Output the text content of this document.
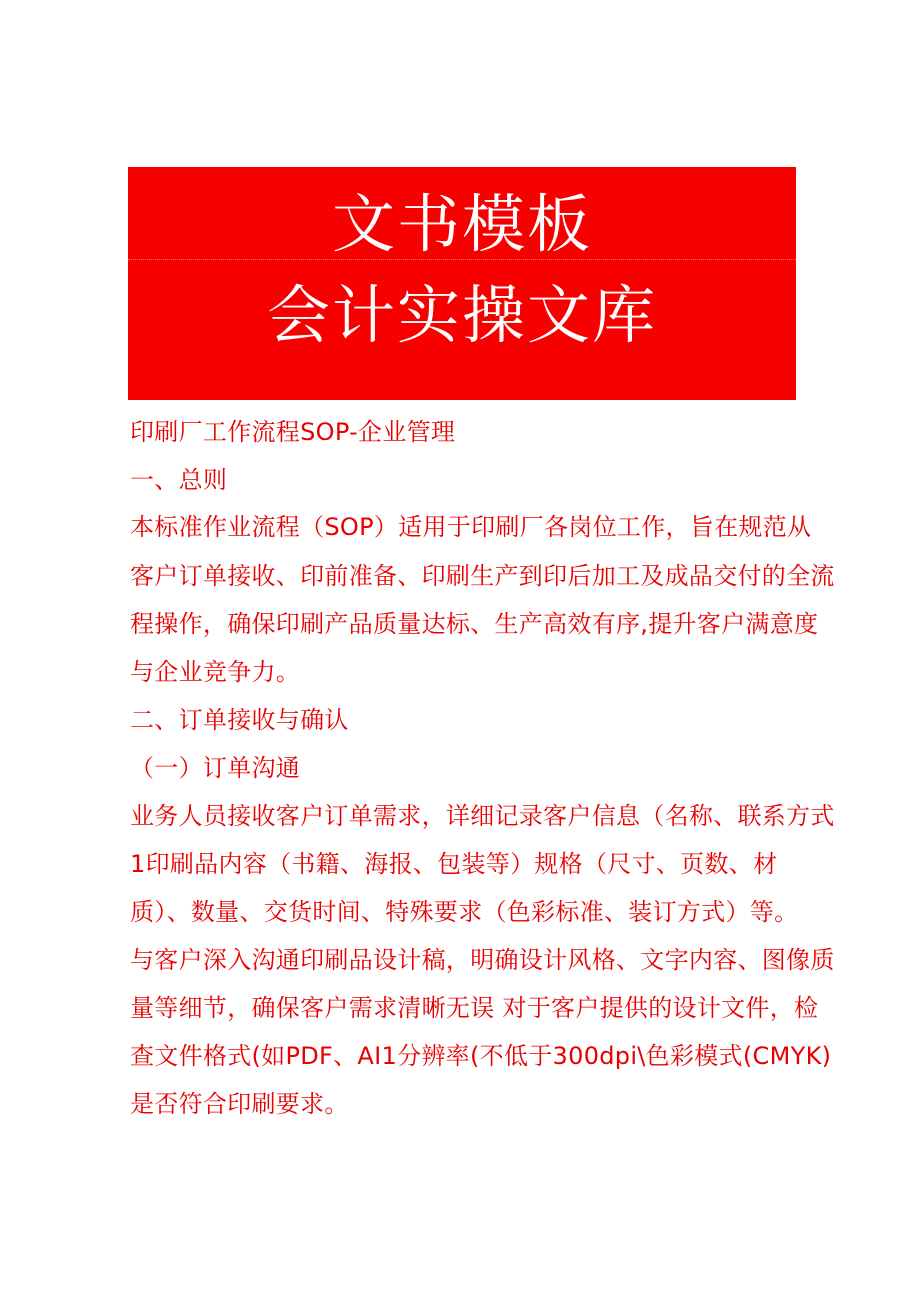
文书模板
会计实操文库
印刷厂工作流程SOP-企业管理
一、总则
本标准作业流程（SOP）适用于印刷厂各岗位工作，旨在规范从
客户订单接收、印前准备、印刷生产到印后加工及成品交付的全流
程操作，确保印刷产品质量达标、生产高效有序,提升客户满意度
与企业竞争力。
二、订单接收与确认
（一）订单沟通
业务人员接收客户订单需求，详细记录客户信息（名称、联系方式
1印刷品内容（书籍、海报、包装等）规格（尺寸、页数、材
质）、数量、交货时间、特殊要求（色彩标准、装订方式）等。
与客户深入沟通印刷品设计稿，明确设计风格、文字内容、图像质
量等细节，确保客户需求清晰无误 对于客户提供的设计文件，检
查文件格式(如PDF、AI1分辨率(不低于300dpi\色彩模式(CMYK)
是否符合印刷要求。
